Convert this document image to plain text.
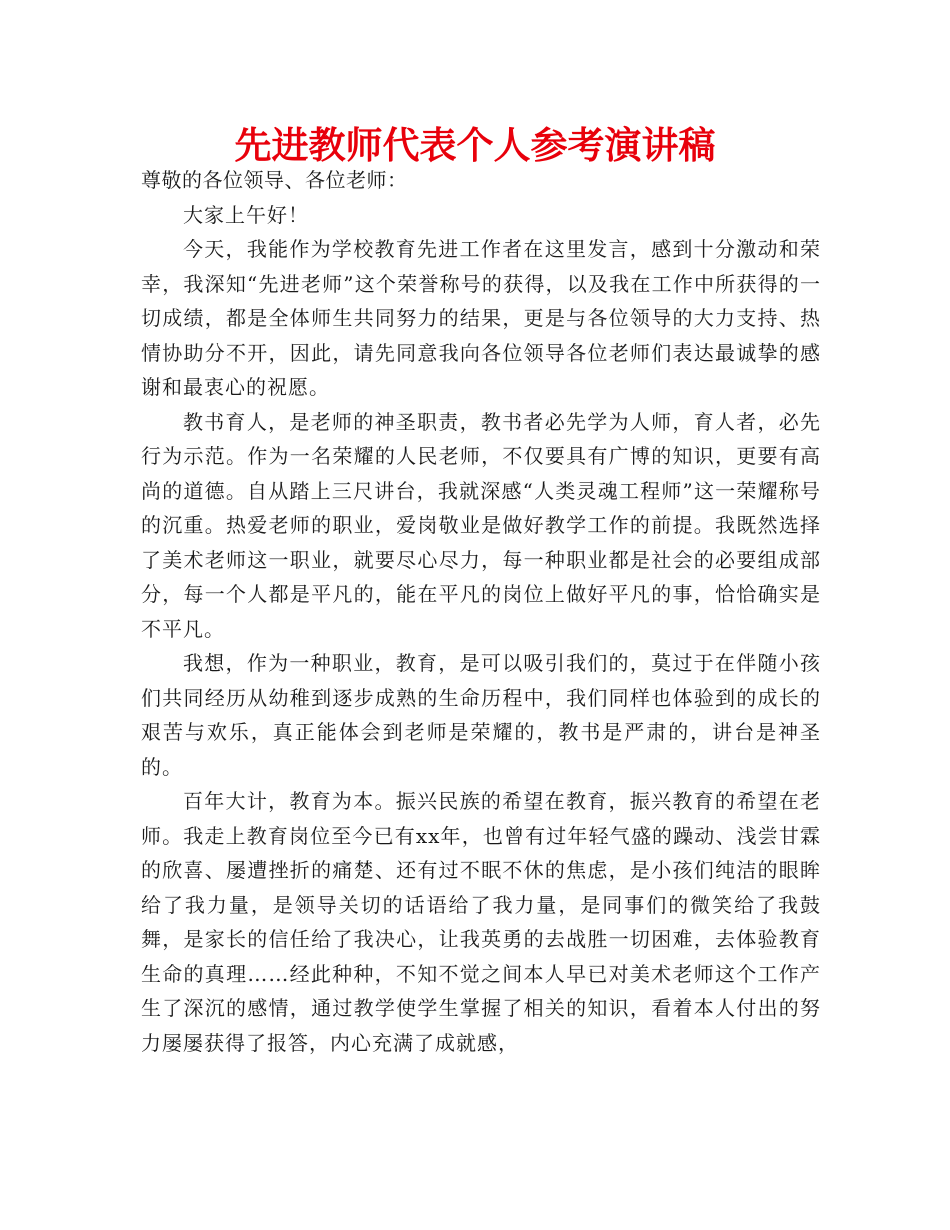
先进教师代表个人参考演讲稿

尊敬的各位领导、各位老师：

大家上午好！

今天，我能作为学校教育先进工作者在这里发言，感到十分激动和荣幸，我深知“先进老师”这个荣誉称号的获得，以及我在工作中所获得的一切成绩，都是全体师生共同努力的结果，更是与各位领导的大力支持、热情协助分不开，因此，请先同意我向各位领导各位老师们表达最诚挚的感谢和最衷心的祝愿。

教书育人，是老师的神圣职责，教书者必先学为人师，育人者，必先行为示范。作为一名荣耀的人民老师，不仅要具有广博的知识，更要有高尚的道德。自从踏上三尺讲台，我就深感“人类灵魂工程师”这一荣耀称号的沉重。热爱老师的职业，爱岗敬业是做好教学工作的前提。我既然选择了美术老师这一职业，就要尽心尽力，每一种职业都是社会的必要组成部分，每一个人都是平凡的，能在平凡的岗位上做好平凡的事，恰恰确实是不平凡。

我想，作为一种职业，教育，是可以吸引我们的，莫过于在伴随小孩们共同经历从幼稚到逐步成熟的生命历程中，我们同样也体验到的成长的艰苦与欢乐，真正能体会到老师是荣耀的，教书是严肃的，讲台是神圣的。

百年大计，教育为本。振兴民族的希望在教育，振兴教育的希望在老师。我走上教育岗位至今已有xx年，也曾有过年轻气盛的躁动、浅尝甘霖的欣喜、屡遭挫折的痛楚、还有过不眠不休的焦虑，是小孩们纯洁的眼眸给了我力量，是领导关切的话语给了我力量，是同事们的微笑给了我鼓舞，是家长的信任给了我决心，让我英勇的去战胜一切困难，去体验教育生命的真理……经此种种，不知不觉之间本人早已对美术老师这个工作产生了深沉的感情，通过教学使学生掌握了相关的知识，看着本人付出的努力屡屡获得了报答，内心充满了成就感，
